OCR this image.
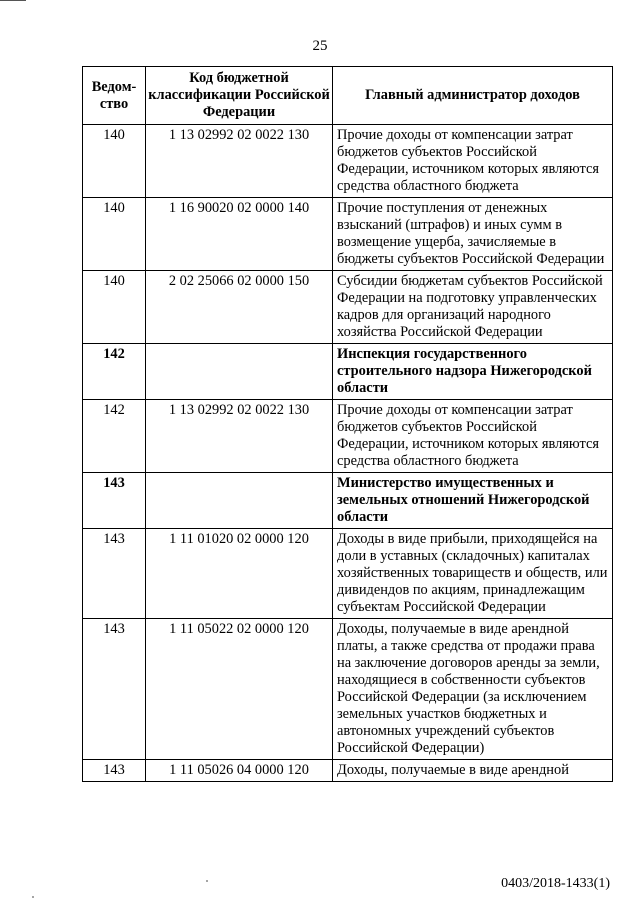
25
Ведом-ство	Код бюджетной классификации Российской Федерации	Главный администратор доходов
140	1 13 02992 02 0022 130	Прочие доходы от компенсации затрат бюджетов субъектов Российской Федерации, источником которых являются средства областного бюджета
140	1 16 90020 02 0000 140	Прочие поступления от денежных взысканий (штрафов) и иных сумм в возмещение ущерба, зачисляемые в бюджеты субъектов Российской Федерации
140	2 02 25066 02 0000 150	Субсидии бюджетам субъектов Российской Федерации на подготовку управленческих кадров для организаций народного хозяйства Российской Федерации
142		Инспекция государственного строительного надзора Нижегородской области
142	1 13 02992 02 0022 130	Прочие доходы от компенсации затрат бюджетов субъектов Российской Федерации, источником которых являются средства областного бюджета
143		Министерство имущественных и земельных отношений Нижегородской области
143	1 11 01020 02 0000 120	Доходы в виде прибыли, приходящейся на доли в уставных (складочных) капиталах хозяйственных товариществ и обществ, или дивидендов по акциям, принадлежащим субъектам Российской Федерации
143	1 11 05022 02 0000 120	Доходы, получаемые в виде арендной платы, а также средства от продажи права на заключение договоров аренды за земли, находящиеся в собственности субъектов Российской Федерации (за исключением земельных участков бюджетных и автономных учреждений субъектов Российской Федерации)
143	1 11 05026 04 0000 120	Доходы, получаемые в виде арендной
0403/2018-1433(1)
